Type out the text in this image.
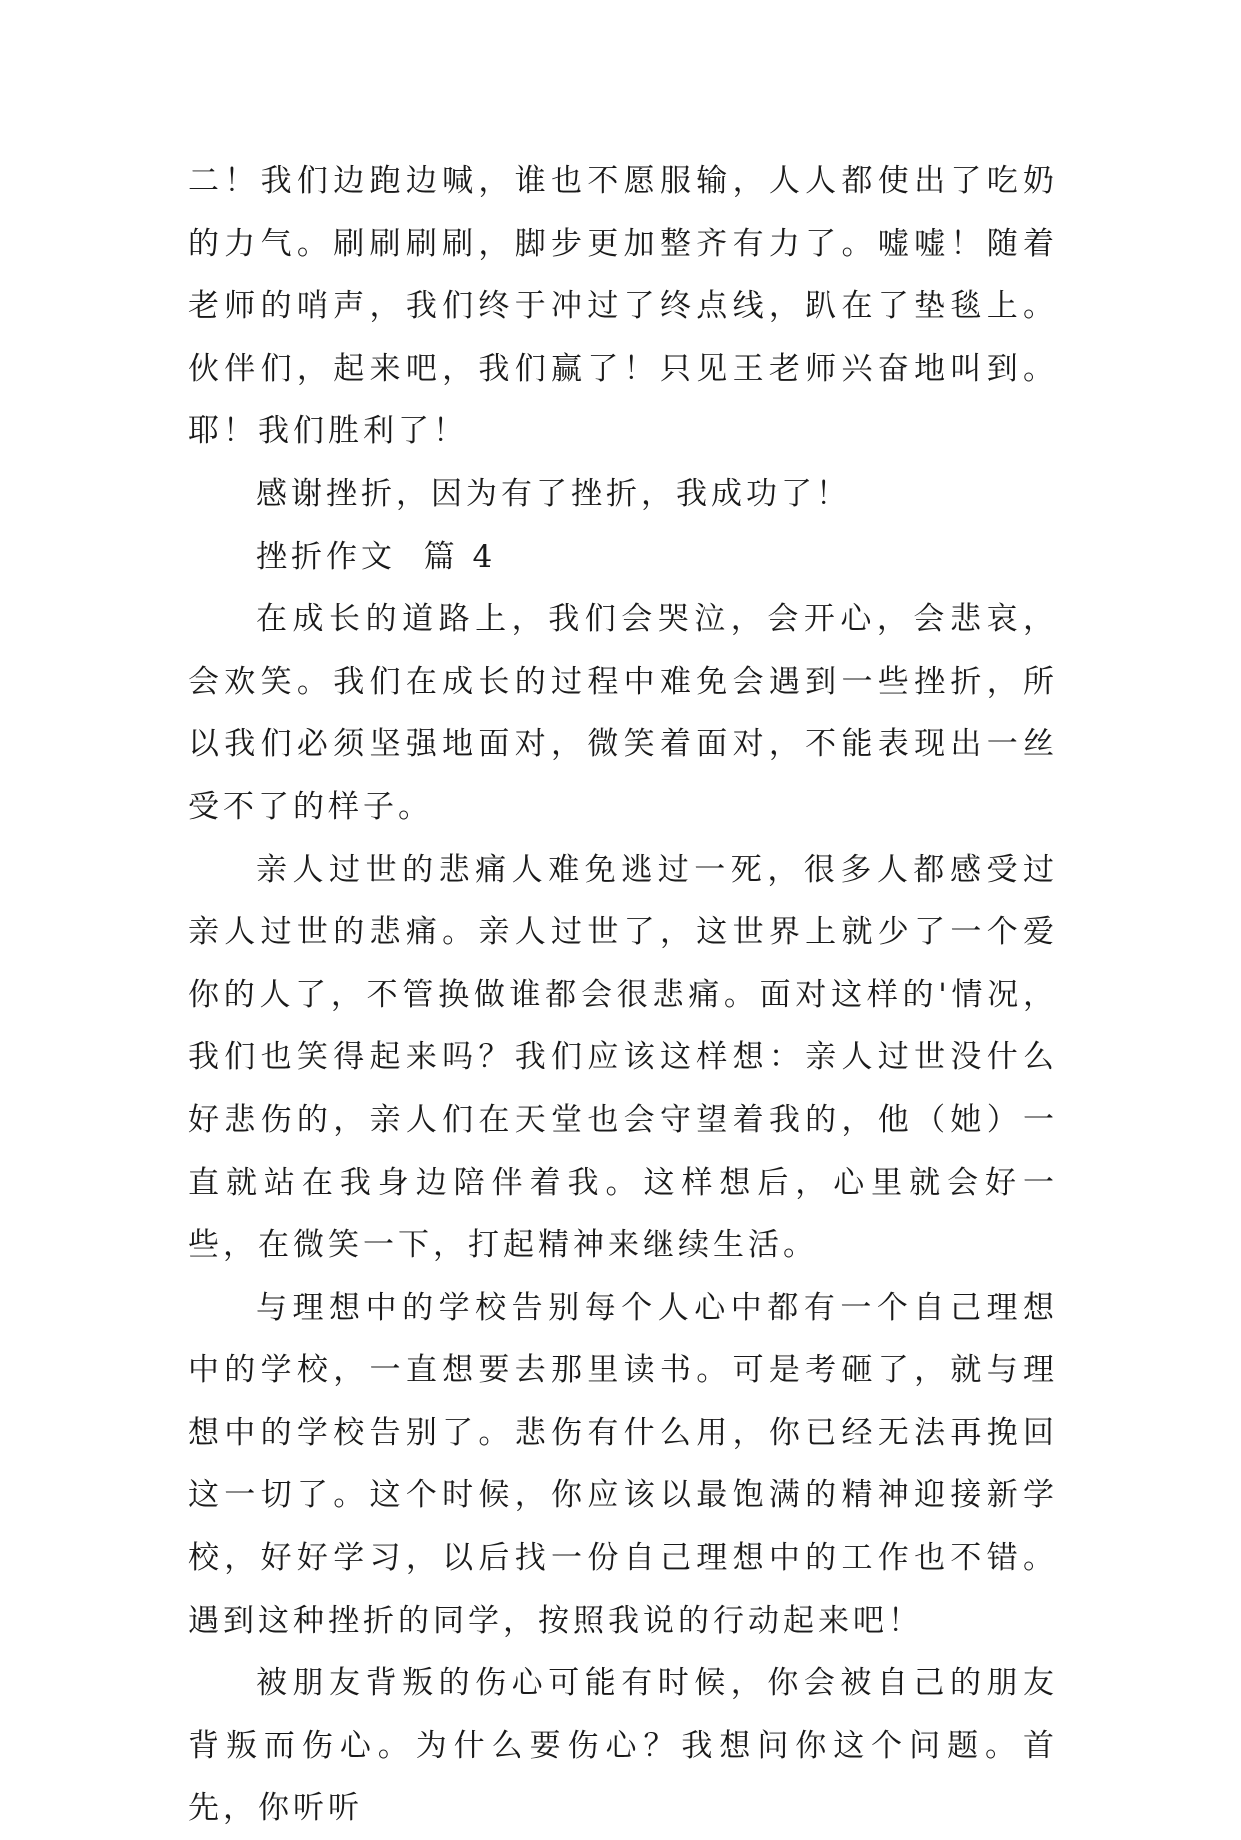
二！我们边跑边喊，谁也不愿服输，人人都使出了吃奶的力气。刷刷刷刷，脚步更加整齐有力了。嘘嘘！随着老师的哨声，我们终于冲过了终点线，趴在了垫毯上。伙伴们，起来吧，我们赢了！只见王老师兴奋地叫到。耶！我们胜利了！

感谢挫折，因为有了挫折，我成功了！

挫折作文  篇 4

在成长的道路上，我们会哭泣，会开心，会悲哀，会欢笑。我们在成长的过程中难免会遇到一些挫折，所以我们必须坚强地面对，微笑着面对，不能表现出一丝受不了的样子。

亲人过世的悲痛人难免逃过一死，很多人都感受过亲人过世的悲痛。亲人过世了，这世界上就少了一个爱你的人了，不管换做谁都会很悲痛。面对这样的'情况，我们也笑得起来吗？我们应该这样想：亲人过世没什么好悲伤的，亲人们在天堂也会守望着我的，他（她）一直就站在我身边陪伴着我。这样想后，心里就会好一些，在微笑一下，打起精神来继续生活。

与理想中的学校告别每个人心中都有一个自己理想中的学校，一直想要去那里读书。可是考砸了，就与理想中的学校告别了。悲伤有什么用，你已经无法再挽回这一切了。这个时候，你应该以最饱满的精神迎接新学校，好好学习，以后找一份自己理想中的工作也不错。遇到这种挫折的同学，按照我说的行动起来吧！

被朋友背叛的伤心可能有时候，你会被自己的朋友背叛而伤心。为什么要伤心？我想问你这个问题。首先，你听听
